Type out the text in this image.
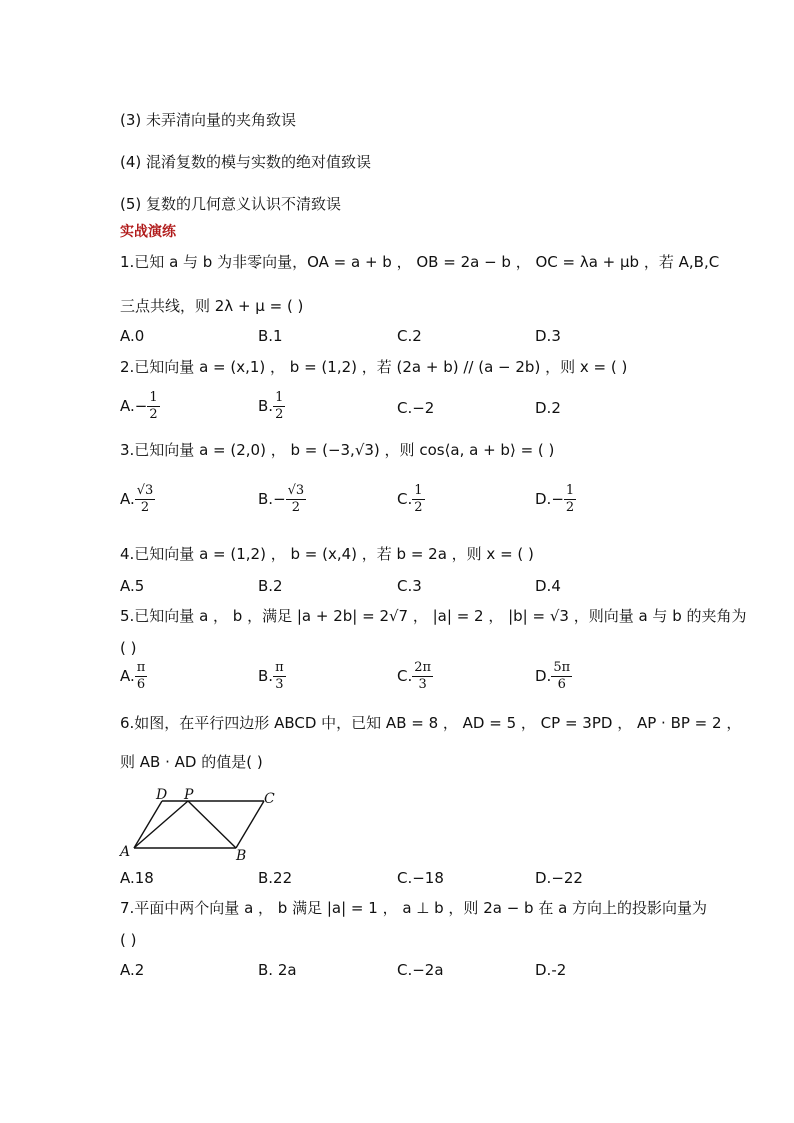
(3) 未弄清向量的夹角致误
(4) 混淆复数的模与实数的绝对值致误
(5) 复数的几何意义认识不清致误
实战演练
1.已知 a 与 b 为非零向量，OA = a + b ， OB = 2a − b ， OC = λa + μb ，若 A,B,C
三点共线，则 2λ + μ = ( )
A.0	B.1	C.2	D.3
2.已知向量 a = (x,1) ， b = (1,2) ，若 (2a + b) // (a − 2b) ，则 x = ( )
$A.- \frac{1}{2}$	B. $\frac{1}{2}$	C.−2	D.2
3.已知向量 a = (2,0) ， b = (−3,√3) ，则 cos⟨a, a + b⟩ = ( )
A. $\frac{√3}{2}$	$B.- \frac{√3}{2}$	C. $\frac{1}{2}$	$D.- \frac{1}{2}$
4.已知向量 a = (1,2) ， b = (x,4) ，若 b = 2a ，则 x = ( )
A.5	B.2	C.3	D.4
5.已知向量 a ， b ，满足 |a + 2b| = 2√7 ， |a| = 2 ， |b| = √3 ，则向量 a 与 b 的夹角为
( )
A. $\frac{\pi}{6}$	B. $\frac{\pi}{3}$	C. $\frac{2\pi}{3}$	D. $\frac{5\pi}{6}$
6.如图，在平行四边形 ABCD 中，已知 AB = 8 ， AD = 5 ， CP = 3PD ， AP · BP = 2 ，
则 AB · AD 的值是( )
D P	C
A	B
A.18	B.22	C.−18	D.−22
7.平面中两个向量 a ， b 满足 |a| = 1 ， a ⊥ b ，则 2a − b 在 a 方向上的投影向量为
( )
A.2	B. 2a	C.−2a	D.-2
